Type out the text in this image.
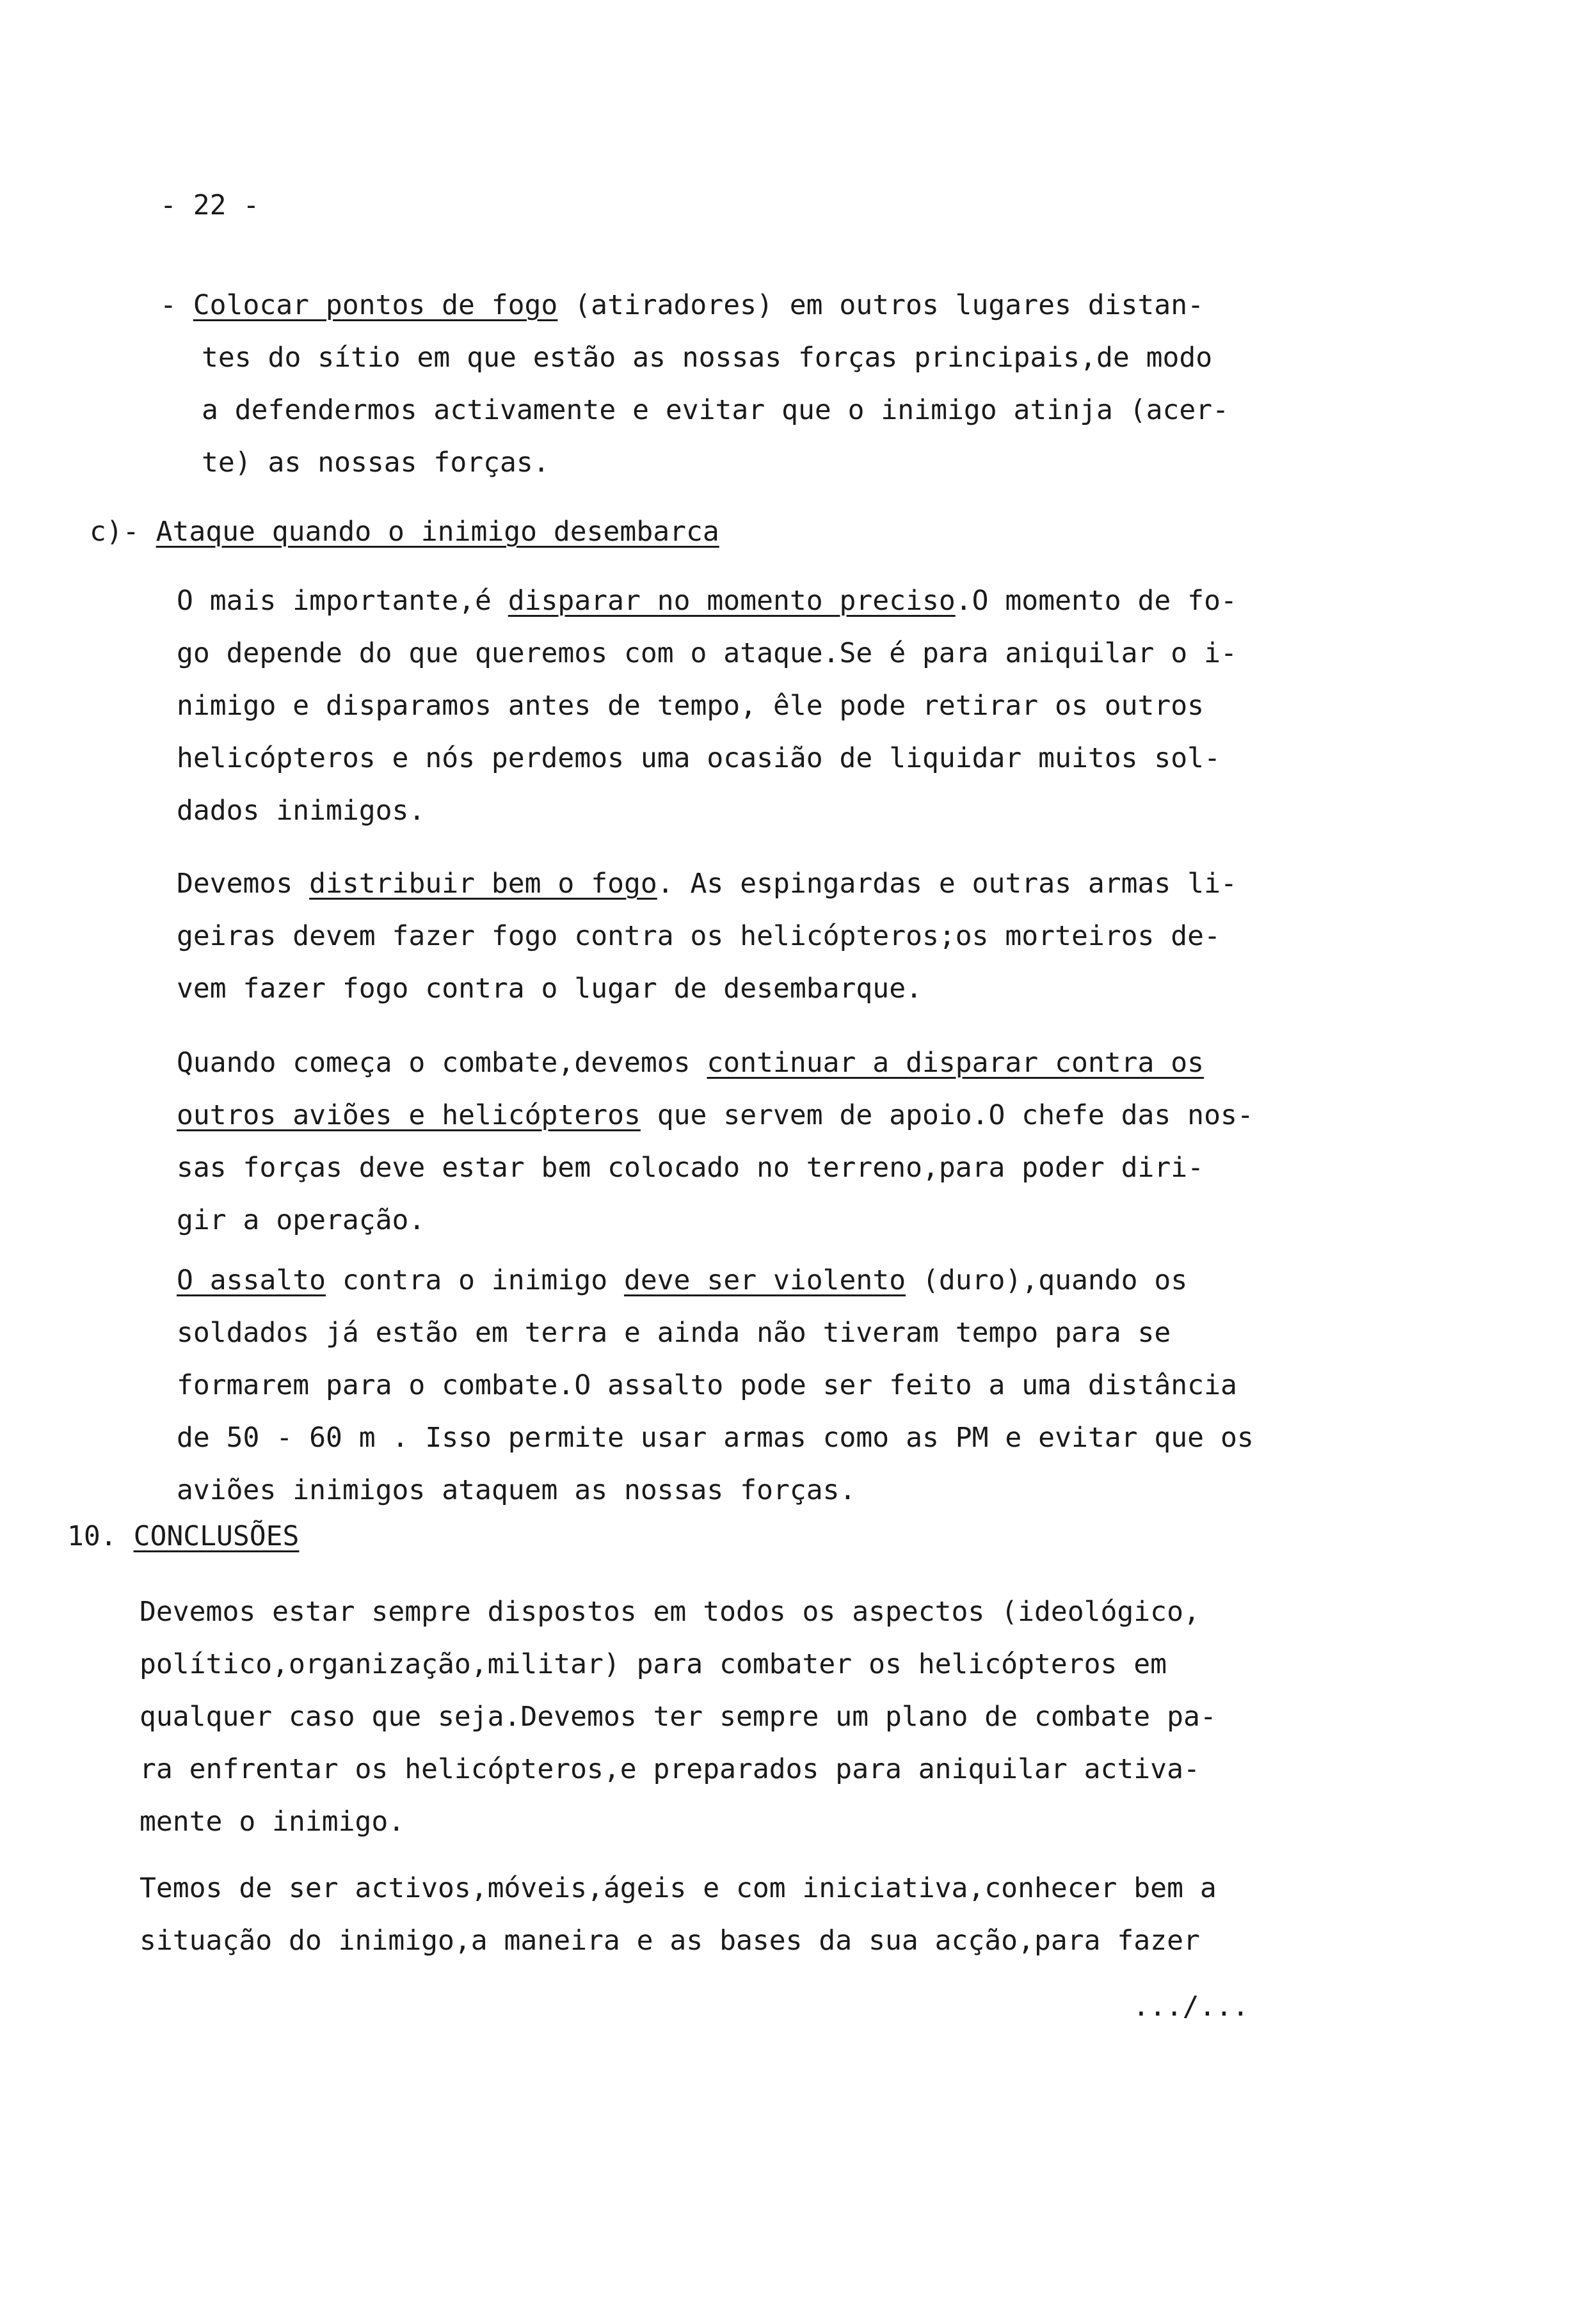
- 22 -
- Colocar pontos de fogo (atiradores) em outros lugares distan-
tes do sítio em que estão as nossas forças principais,de modo
a defendermos activamente e evitar que o inimigo atinja (acer-
te) as nossas forças.
c)- Ataque quando o inimigo desembarca
O mais importante,é disparar no momento preciso.O momento de fo-
go depende do que queremos com o ataque.Se é para aniquilar o i-
nimigo e disparamos antes de tempo, êle pode retirar os outros
helicópteros e nós perdemos uma ocasião de liquidar muitos sol-
dados inimigos.
Devemos distribuir bem o fogo. As espingardas e outras armas li-
geiras devem fazer fogo contra os helicópteros;os morteiros de-
vem fazer fogo contra o lugar de desembarque.
Quando começa o combate,devemos continuar a disparar contra os
outros aviões e helicópteros que servem de apoio.O chefe das nos-
sas forças deve estar bem colocado no terreno,para poder diri-
gir a operação.
O assalto contra o inimigo deve ser violento (duro),quando os
soldados já estão em terra e ainda não tiveram tempo para se
formarem para o combate.O assalto pode ser feito a uma distância
de 50 - 60 m . Isso permite usar armas como as PM e evitar que os
aviões inimigos ataquem as nossas forças.
10. CONCLUSÕES
Devemos estar sempre dispostos em todos os aspectos (ideológico,
político,organização,militar) para combater os helicópteros em
qualquer caso que seja.Devemos ter sempre um plano de combate pa-
ra enfrentar os helicópteros,e preparados para aniquilar activa-
mente o inimigo.
Temos de ser activos,móveis,ágeis e com iniciativa,conhecer bem a
situação do inimigo,a maneira e as bases da sua acção,para fazer
.../...
